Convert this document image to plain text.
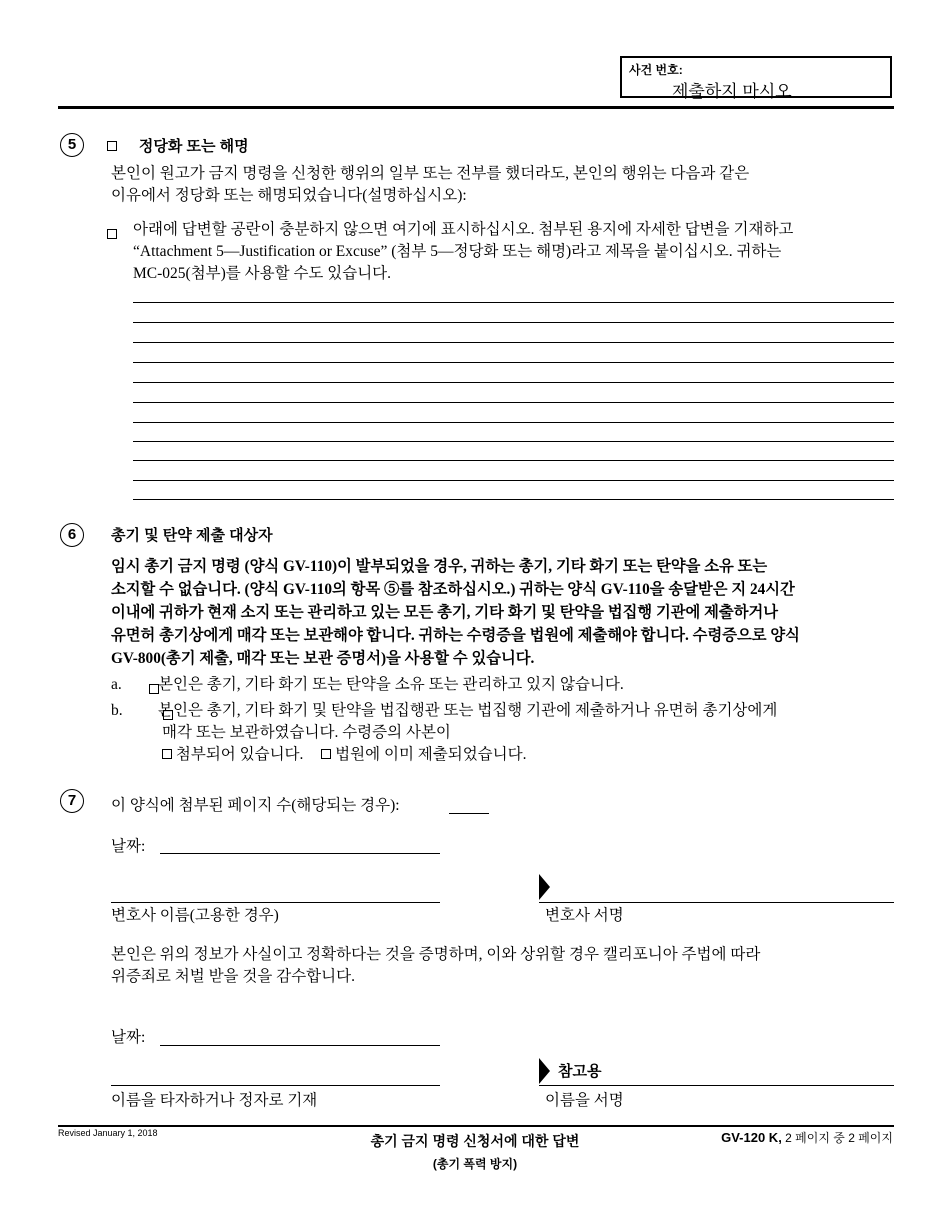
사건 번호:
제출하지 마시오
5	정당화 또는 해명
본인이 원고가 금지 명령을 신청한 행위의 일부 또는 전부를 했더라도, 본인의 행위는 다음과 같은
이유에서 정당화 또는 해명되었습니다(설명하십시오):

아래에 답변할 공란이 충분하지 않으면 여기에 표시하십시오. 첨부된 용지에 자세한 답변을 기재하고
“Attachment 5—Justification or Excuse” (첨부 5—정당화 또는 해명)라고 제목을 붙이십시오. 귀하는
MC-025(첨부)를 사용할 수도 있습니다.
6	총기 및 탄약 제출 대상자
임시 총기 금지 명령 (양식 GV-110)이 발부되었을 경우, 귀하는 총기, 기타 화기 또는 탄약을 소유 또는
소지할 수 없습니다. (양식 GV-110의 항목 ⑤를 참조하십시오.) 귀하는 양식 GV-110을 송달받은 지 24시간
이내에 귀하가 현재 소지 또는 관리하고 있는 모든 총기, 기타 화기 및 탄약을 법집행 기관에 제출하거나
유면허 총기상에게 매각 또는 보관해야 합니다. 귀하는 수령증을 법원에 제출해야 합니다. 수령증으로 양식
GV-800(총기 제출, 매각 또는 보관 증명서)을 사용할 수 있습니다.
a.
본인은 총기, 기타 화기 또는 탄약을 소유 또는 관리하고 있지 않습니다.
b. 본인은 총기, 기타 화기 및 탄약을 법집행관 또는 법집행 기관에 제출하거나 유면허 총기상에게
매각 또는 보관하였습니다. 수령증의 사본이
첨부되어 있습니다. 법원에 이미 제출되었습니다.
7	이 양식에 첨부된 페이지 수(해당되는 경우):
날짜:
변호사 이름(고용한 경우)	변호사 서명
본인은 위의 정보가 사실이고 정확하다는 것을 증명하며, 이와 상위할 경우 캘리포니아 주법에 따라
위증죄로 처벌 받을 것을 감수합니다.
날짜:
참고용
이름을 타자하거나 정자로 기재	이름을 서명
Revised January 1, 2018	총기 금지 명령 신청서에 대한 답변
(총기 폭력 방지)
GV-120 K, 2 페이지 중 2 페이지
